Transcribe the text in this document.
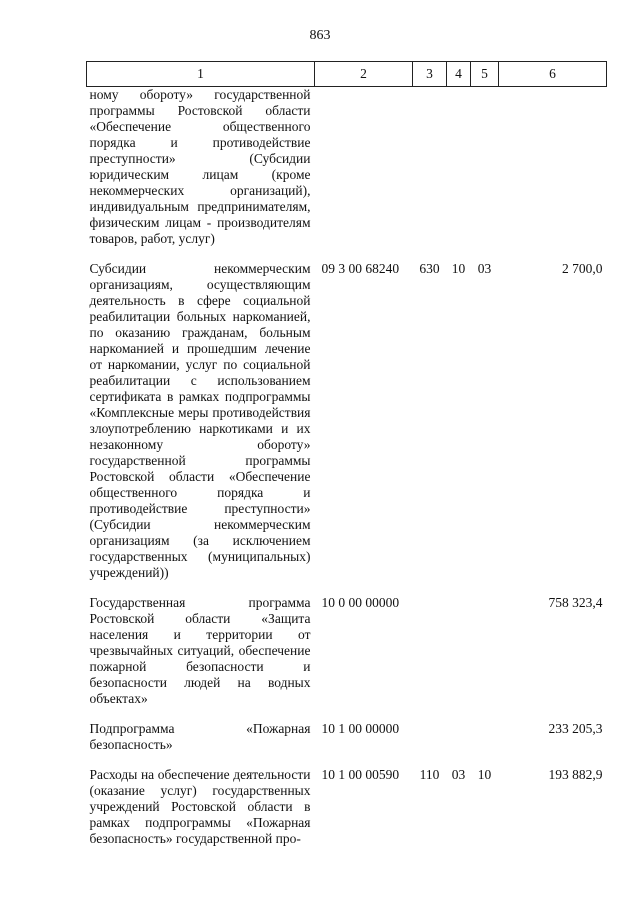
863
1	2	3	4	5	6
ному обороту» государственной программы Ростовской области «Обеспечение общественного порядка и противодействие преступности» (Субсидии юридическим лицам (кроме некоммерческих организаций), индивидуальным предпринимателям, физическим лицам - производителям товаров, работ, услуг)					

Субсидии некоммерческим организациям, осуществляющим деятельность в сфере социальной реабилитации больных наркоманией, по оказанию гражданам, больным наркоманией и прошедшим лечение от наркомании, услуг по социальной реабилитации с использованием сертификата в рамках подпрограммы «Комплексные меры противодействия злоупотреблению наркотиками и их незаконному обороту» государственной программы Ростовской области «Обеспечение общественного порядка и противодействие преступности» (Субсидии некоммерческим организациям (за исключением государственных (муниципальных) учреждений))	09 3 00 68240	630	10	03	2 700,0

Государственная программа Ростовской области «Защита населения и территории от чрезвычайных ситуаций, обеспечение пожарной безопасности и безопасности людей на водных объектах»	10 0 00 00000				758 323,4

Подпрограмма «Пожарная безопасность»	10 1 00 00000				233 205,3

Расходы на обеспечение деятельности (оказание услуг) государственных учреждений Ростовской области в рамках подпрограммы «Пожарная безопасность» государственной про-	10 1 00 00590	110	03	10	193 882,9
